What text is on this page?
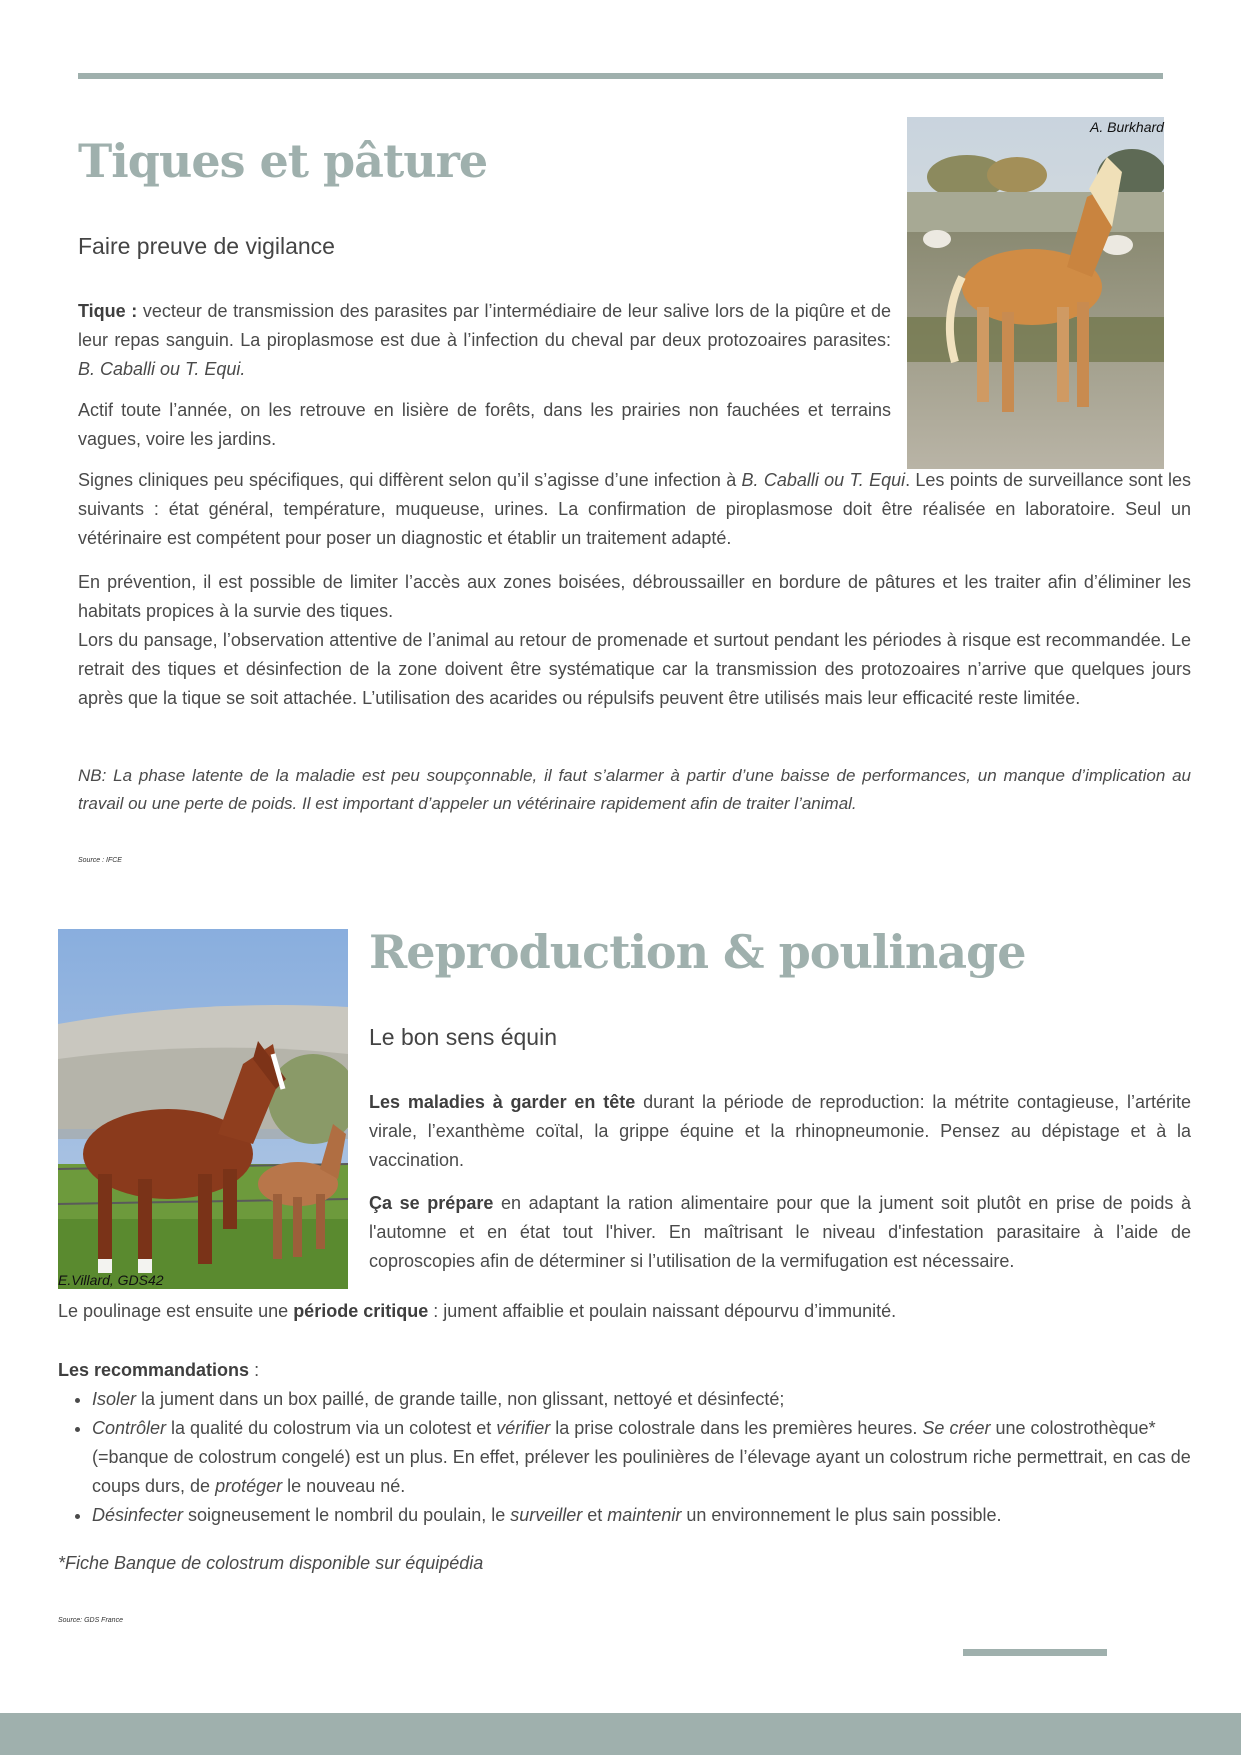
Tiques et pâture
Faire preuve de vigilance
A. Burkhard

Tique : vecteur de transmission des parasites par l’intermédiaire de leur salive lors de la piqûre et de leur repas sanguin. La piroplasmose est due à l’infection du cheval par deux protozoaires parasites: B. Caballi ou T. Equi.

Actif toute l’année, on les retrouve en lisière de forêts, dans les prairies non fauchées et terrains vagues, voire les jardins.

Signes cliniques peu spécifiques, qui diffèrent selon qu’il s’agisse d’une infection à B. Caballi ou T. Equi. Les points de surveillance sont les suivants : état général, température, muqueuse, urines. La confirmation de piroplasmose doit être réalisée en laboratoire. Seul un vétérinaire est compétent pour poser un diagnostic et établir un traitement adapté.

En prévention, il est possible de limiter l’accès aux zones boisées, débroussailler en bordure de pâtures et les traiter afin d’éliminer les habitats propices à la survie des tiques.
Lors du pansage, l’observation attentive de l’animal au retour de promenade et surtout pendant les périodes à risque est recommandée. Le retrait des tiques et désinfection de la zone doivent être systématique car la transmission des protozoaires n’arrive que quelques jours après que la tique se soit attachée. L’utilisation des acarides ou répulsifs peuvent être utilisés mais leur efficacité reste limitée.

NB: La phase latente de la maladie est peu soupçonnable, il faut s’alarmer à partir d’une baisse de performances, un manque d’implication au travail ou une perte de poids. Il est important d’appeler un vétérinaire rapidement afin de traiter l’animal.

Source : IFCE
E.Villard, GDS42
Reproduction & poulinage
Le bon sens équin

Les maladies à garder en tête durant la période de reproduction: la métrite contagieuse, l’artérite virale, l’exanthème coïtal, la grippe équine et la rhinopneumonie. Pensez au dépistage et à la vaccination.

Ça se prépare en adaptant la ration alimentaire pour que la jument soit plutôt en prise de poids à l'automne et en état tout l'hiver. En maîtrisant le niveau d'infestation parasitaire à l’aide de coproscopies afin de déterminer si l’utilisation de la vermifugation est nécessaire.

Le poulinage est ensuite une période critique : jument affaiblie et poulain naissant dépourvu d’immunité.

Les recommandations :

• Isoler la jument dans un box paillé, de grande taille, non glissant, nettoyé et désinfecté;
• Contrôler la qualité du colostrum via un colotest et vérifier la prise colostrale dans les premières heures. Se créer une colostrothèque* (=banque de colostrum congelé) est un plus. En effet, prélever les poulinières de l’élevage ayant un colostrum riche permettrait, en cas de coups durs, de protéger le nouveau né.
• Désinfecter soigneusement le nombril du poulain, le surveiller et maintenir un environnement le plus sain possible.

*Fiche Banque de colostrum disponible sur équipédia

Source: GDS France
